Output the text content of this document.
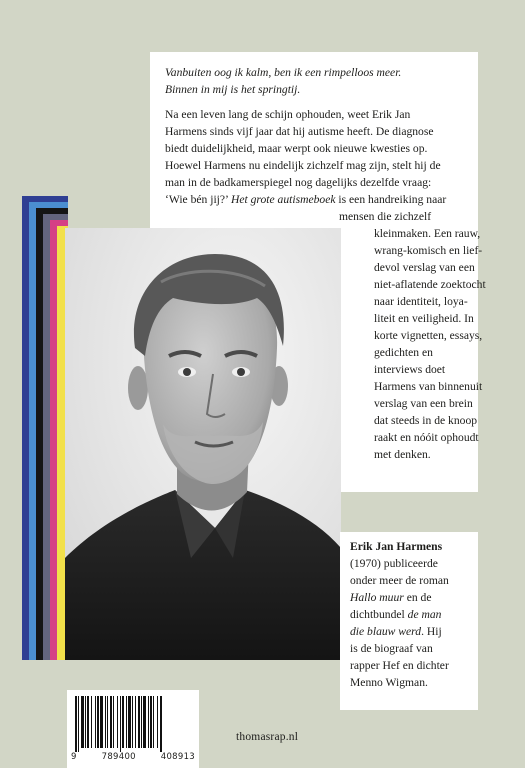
Vanbuiten oog ik kalm, ben ik een rimpelloos meer.
Binnen in mij is het springtij.

Na een leven lang de schijn ophouden, weet Erik Jan
Harmens sinds vijf jaar dat hij autisme heeft. De diagnose
biedt duidelijkheid, maar werpt ook nieuwe kwesties op.
Hoewel Harmens nu eindelijk zichzelf mag zijn, stelt hij de
man in de badkamerspiegel nog dagelijks dezelfde vraag:
‘Wie bén jij?’ Het grote autismeboek is een handreiking naar
mensen die zichzelf
kleinmaken. Een rauw,
wrang-komisch en lief-
devol verslag van een
niet-aflatende zoektocht
naar identiteit, loya-
liteit en veiligheid. In
korte vignetten, essays,
gedichten en
interviews doet
Harmens van binnenuit
verslag van een brein
dat steeds in de knoop
raakt en nóóit ophoudt
met denken.

Erik Jan Harmens
(1970) publiceerde
onder meer de roman
Hallo muur en de
dichtbundel de man
die blauw werd. Hij
is de biograaf van
rapper Hef en dichter
Menno Wigman.
9	789400	408913
thomasrap.nl
